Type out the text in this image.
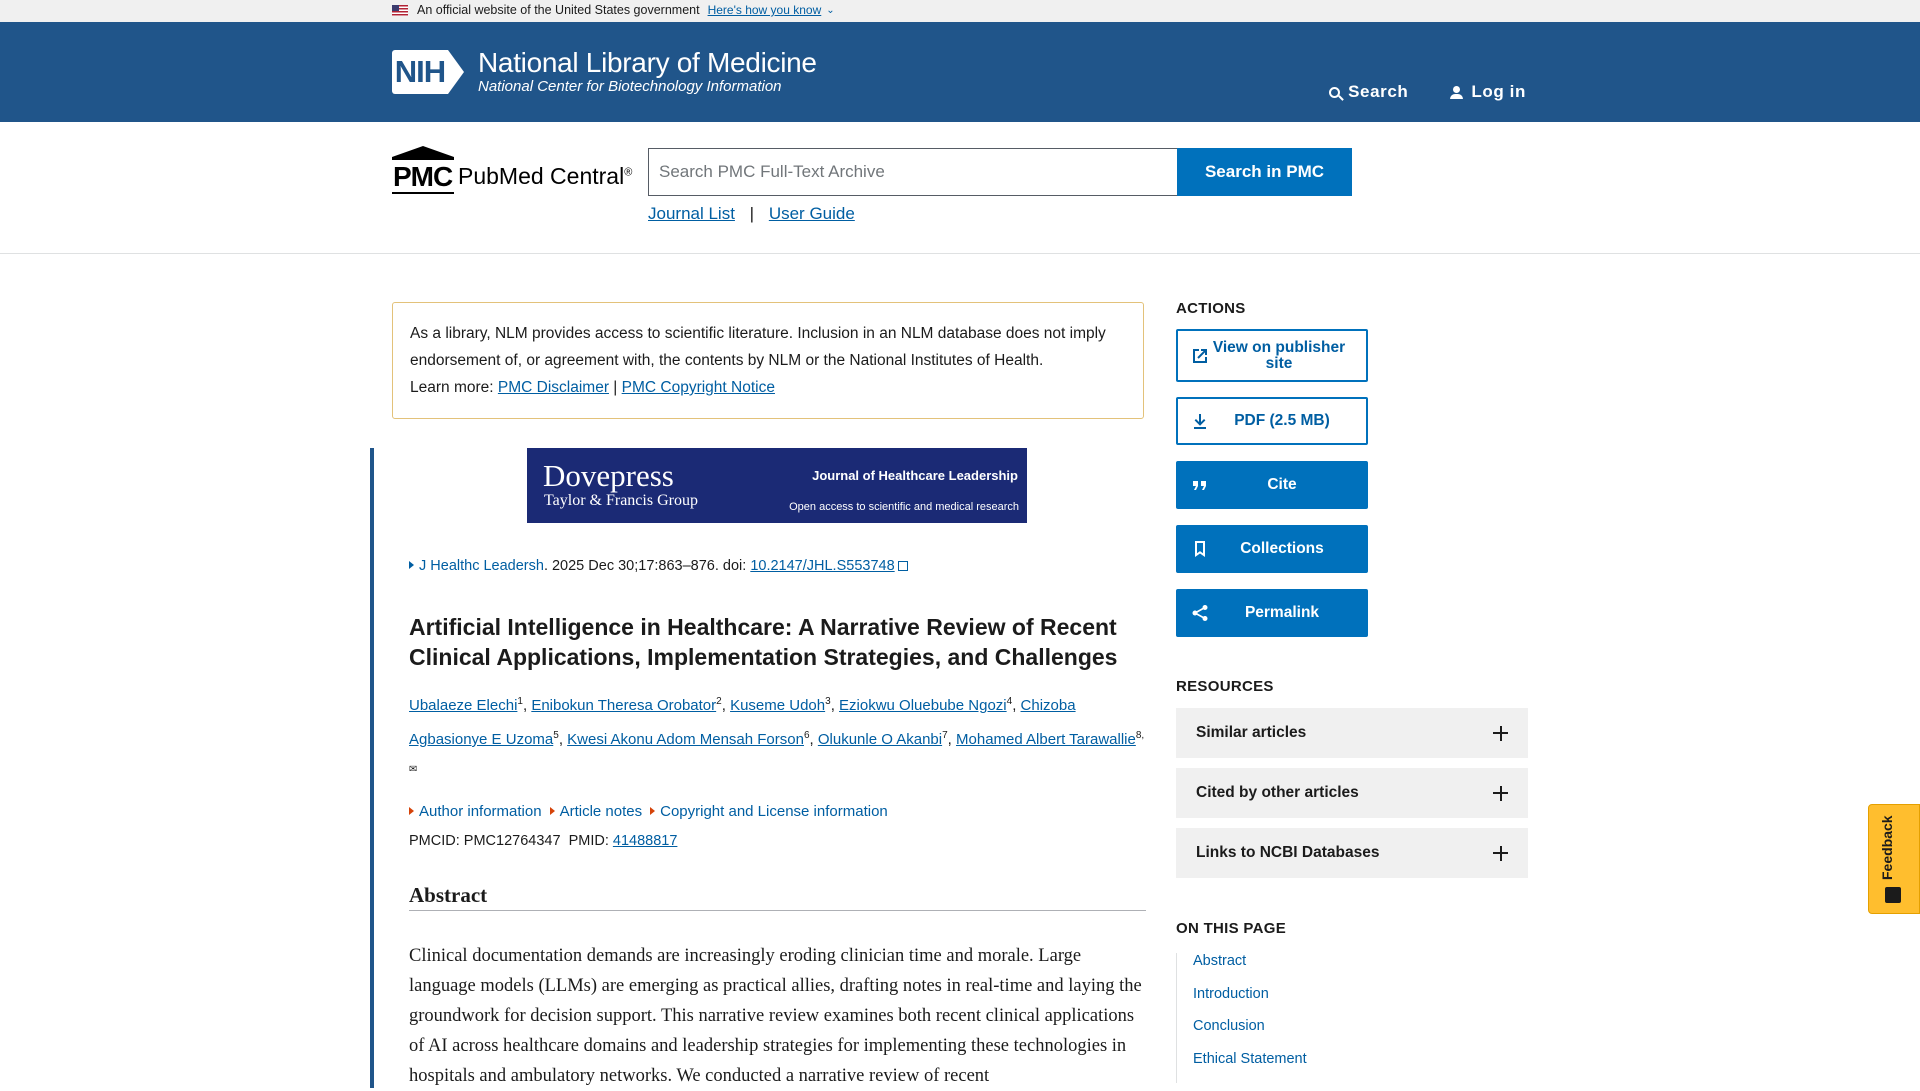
An official website of the United States government Here's how you know ⌄
NIH National Library of Medicine
National Center for Biotechnology Information	Search	Log in
PMC PubMed Central®
Search PMC Full-Text Archive	Search in PMC
Journal List | User Guide
As a library, NLM provides access to scientific literature. Inclusion in an NLM database does not imply endorsement of, or agreement with, the contents by NLM or the National Institutes of Health.
Learn more: PMC Disclaimer | PMC Copyright Notice
Dovepress
Taylor & Francis Group
Journal of Healthcare Leadership
Open access to scientific and medical research
J Healthc Leadersh. 2025 Dec 30;17:863–876. doi: 10.2147/JHL.S553748
Artificial Intelligence in Healthcare: A Narrative Review of Recent Clinical Applications, Implementation Strategies, and Challenges
Ubalaeze Elechi$^1$, Enibokun Theresa Orobator$^2$, Kuseme Udoh$^3$, Eziokwu Oluebube Ngozi$^4$, Chizoba Agbasionye E Uzoma$^5$, Kwesi Akonu Adom Mensah Forson$^6$, Olukunle O Akanbi$^7$, Mohamed Albert Tarawallie$^{8,✉}$
Author information	Article notes	Copyright and License information
PMCID: PMC12764347 PMID: 41488817
Abstract

Clinical documentation demands are increasingly eroding clinician time and morale. Large language models (LLMs) are emerging as practical allies, drafting notes in real-time and laying the groundwork for decision support. This narrative review examines both recent clinical applications of AI across healthcare domains and leadership strategies for implementing these technologies in hospitals and ambulatory networks. We conducted a narrative review of recent

ACTIONS
View on publisher site
PDF (2.5 MB)
Cite
Collections
Permalink
RESOURCES
Similar articles
Cited by other articles
Links to NCBI Databases
ON THIS PAGE
Abstract
Introduction
Conclusion
Ethical Statement
Feedback
